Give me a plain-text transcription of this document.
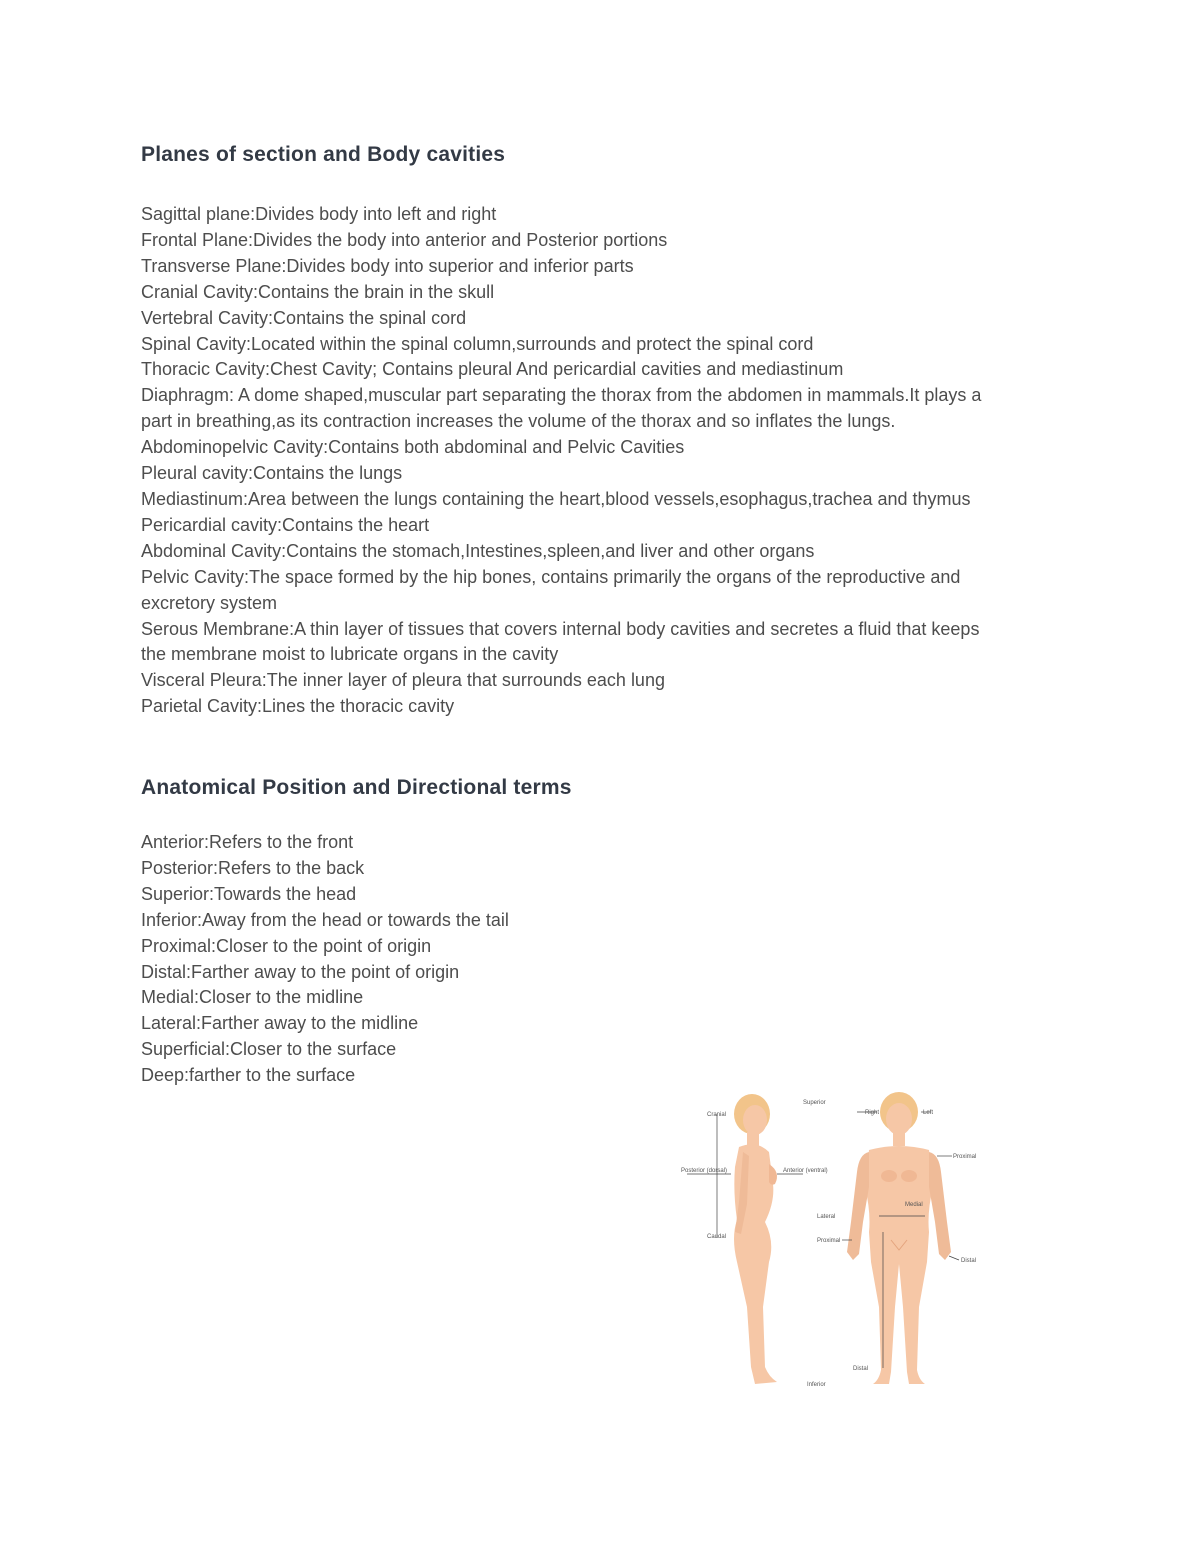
Planes of section and Body cavities
Sagittal plane:Divides body into left and right
Frontal Plane:Divides the body into anterior and Posterior portions
Transverse Plane:Divides body into superior and inferior parts
Cranial Cavity:Contains the brain in the skull
Vertebral Cavity:Contains the spinal cord
Spinal Cavity:Located within the spinal column,surrounds and protect the spinal cord
Thoracic Cavity:Chest Cavity; Contains pleural And pericardial cavities and mediastinum
Diaphragm: A dome shaped,muscular part separating the thorax from the abdomen in mammals.It plays a
part in breathing,as its contraction increases the volume of the thorax and so inflates the lungs.
Abdominopelvic Cavity:Contains both abdominal and Pelvic Cavities
Pleural cavity:Contains the lungs
Mediastinum:Area between the lungs containing the heart,blood vessels,esophagus,trachea and thymus
Pericardial cavity:Contains the heart
Abdominal Cavity:Contains the stomach,Intestines,spleen,and liver and other organs
Pelvic Cavity:The space formed by the hip bones, contains primarily the organs of the reproductive and
excretory system
Serous Membrane:A thin layer of tissues that covers internal body cavities and secretes a fluid that keeps
the membrane moist to lubricate organs in the cavity
Visceral Pleura:The inner layer of pleura that surrounds each lung
Parietal Cavity:Lines the thoracic cavity
Anatomical Position and Directional terms
Anterior:Refers to the front
Posterior:Refers to the back
Superior:Towards the head
Inferior:Away from the head or towards the tail
Proximal:Closer to the point of origin
Distal:Farther away to the point of origin
Medial:Closer to the midline
Lateral:Farther away to the midline
Superficial:Closer to the surface
Deep:farther to the surface
Cranial
Posterior (dorsal)	Anterior (ventral)
Caudal
Superior
Right	Left
Proximal
Medial
Lateral
Proximal
Distal
Distal
Inferior
